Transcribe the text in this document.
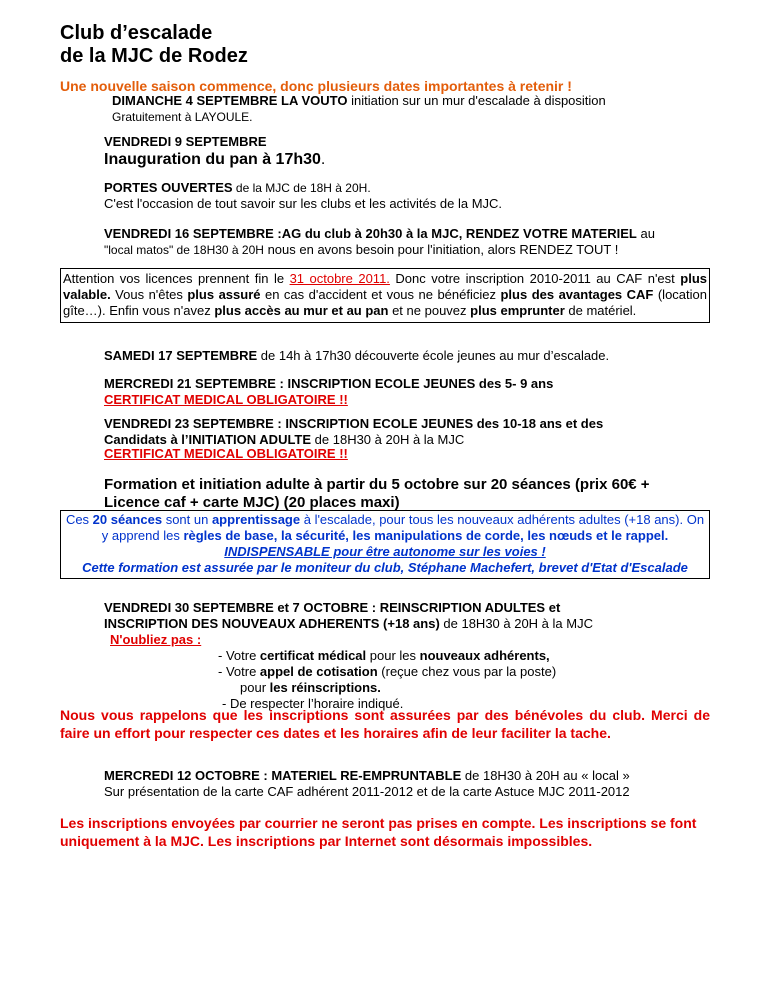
Club d’escalade
de la MJC de Rodez
Une nouvelle saison commence, donc plusieurs dates importantes à retenir !
DIMANCHE 4 SEPTEMBRE LA VOUTO initiation sur un mur d'escalade à disposition
Gratuitement à LAYOULE.
VENDREDI 9 SEPTEMBRE
Inauguration du pan à 17h30.
PORTES OUVERTES de la MJC de 18H à 20H.
C'est l'occasion de tout savoir sur les clubs et les activités de la MJC.
VENDREDI 16 SEPTEMBRE :AG du club à 20h30 à la MJC, RENDEZ VOTRE MATERIEL au
"local matos" de 18H30 à 20H nous en avons besoin pour l'initiation, alors RENDEZ TOUT !
Attention vos licences prennent fin le 31 octobre 2011. Donc votre inscription 2010-2011 au CAF n'est plus valable. Vous n'êtes plus assuré en cas d'accident et vous ne bénéficiez plus des avantages CAF (location gîte…). Enfin vous n'avez plus accès au mur et au pan et ne pouvez plus emprunter de matériel.
SAMEDI 17 SEPTEMBRE de 14h à 17h30 découverte école jeunes au mur d’escalade.
MERCREDI 21 SEPTEMBRE : INSCRIPTION ECOLE JEUNES des 5- 9 ans
CERTIFICAT MEDICAL OBLIGATOIRE !!
VENDREDI 23 SEPTEMBRE : INSCRIPTION ECOLE JEUNES des 10-18 ans et des
Candidats à l’INITIATION ADULTE de 18H30 à 20H à la MJC
CERTIFICAT MEDICAL OBLIGATOIRE !!
Formation et initiation adulte à partir du 5 octobre sur 20 séances (prix 60€ +
Licence caf + carte MJC) (20 places maxi)
Ces 20 séances sont un apprentissage à l'escalade, pour tous les nouveaux adhérents adultes (+18 ans). On y apprend les règles de base, la sécurité, les manipulations de corde, les nœuds et le rappel. INDISPENSABLE pour être autonome sur les voies !
Cette formation est assurée par le moniteur du club, Stéphane Machefert, brevet d'Etat d'Escalade
VENDREDI 30 SEPTEMBRE et 7 OCTOBRE : REINSCRIPTION ADULTES et
INSCRIPTION DES NOUVEAUX ADHERENTS (+18 ans) de 18H30 à 20H à la MJC
N'oubliez pas :
- Votre certificat médical pour les nouveaux adhérents,
- Votre appel de cotisation (reçue chez vous par la poste)
pour les réinscriptions.
- De respecter l’horaire indiqué.
Nous vous rappelons que les inscriptions sont assurées par des bénévoles du club. Merci de faire un effort pour respecter ces dates et les horaires afin de leur faciliter la tache.
MERCREDI 12 OCTOBRE : MATERIEL RE-EMPRUNTABLE de 18H30 à 20H au « local »
Sur présentation de la carte CAF adhérent 2011-2012 et de la carte Astuce MJC 2011-2012
Les inscriptions envoyées par courrier ne seront pas prises en compte. Les inscriptions se font uniquement à la MJC. Les inscriptions par Internet sont désormais impossibles.
